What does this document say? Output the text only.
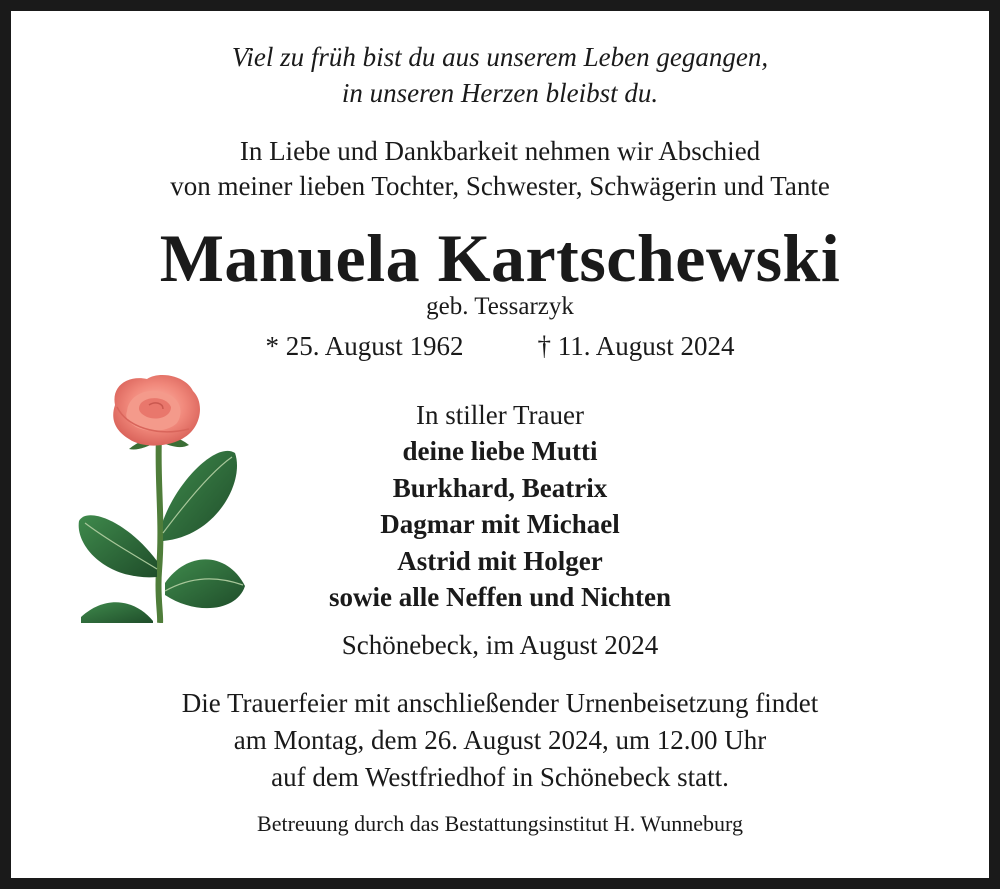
Viel zu früh bist du aus unserem Leben gegangen,
in unseren Herzen bleibst du.
In Liebe und Dankbarkeit nehmen wir Abschied
von meiner lieben Tochter, Schwester, Schwägerin und Tante
Manuela Kartschewski
geb. Tessarzyk
* 25. August 1962	† 11. August 2024
In stiller Trauer
deine liebe Mutti
Burkhard, Beatrix
Dagmar mit Michael
Astrid mit Holger
sowie alle Neffen und Nichten
Schönebeck, im August 2024
Die Trauerfeier mit anschließender Urnenbeisetzung findet
am Montag, dem 26. August 2024, um 12.00 Uhr
auf dem Westfriedhof in Schönebeck statt.
Betreuung durch das Bestattungsinstitut H. Wunneburg
